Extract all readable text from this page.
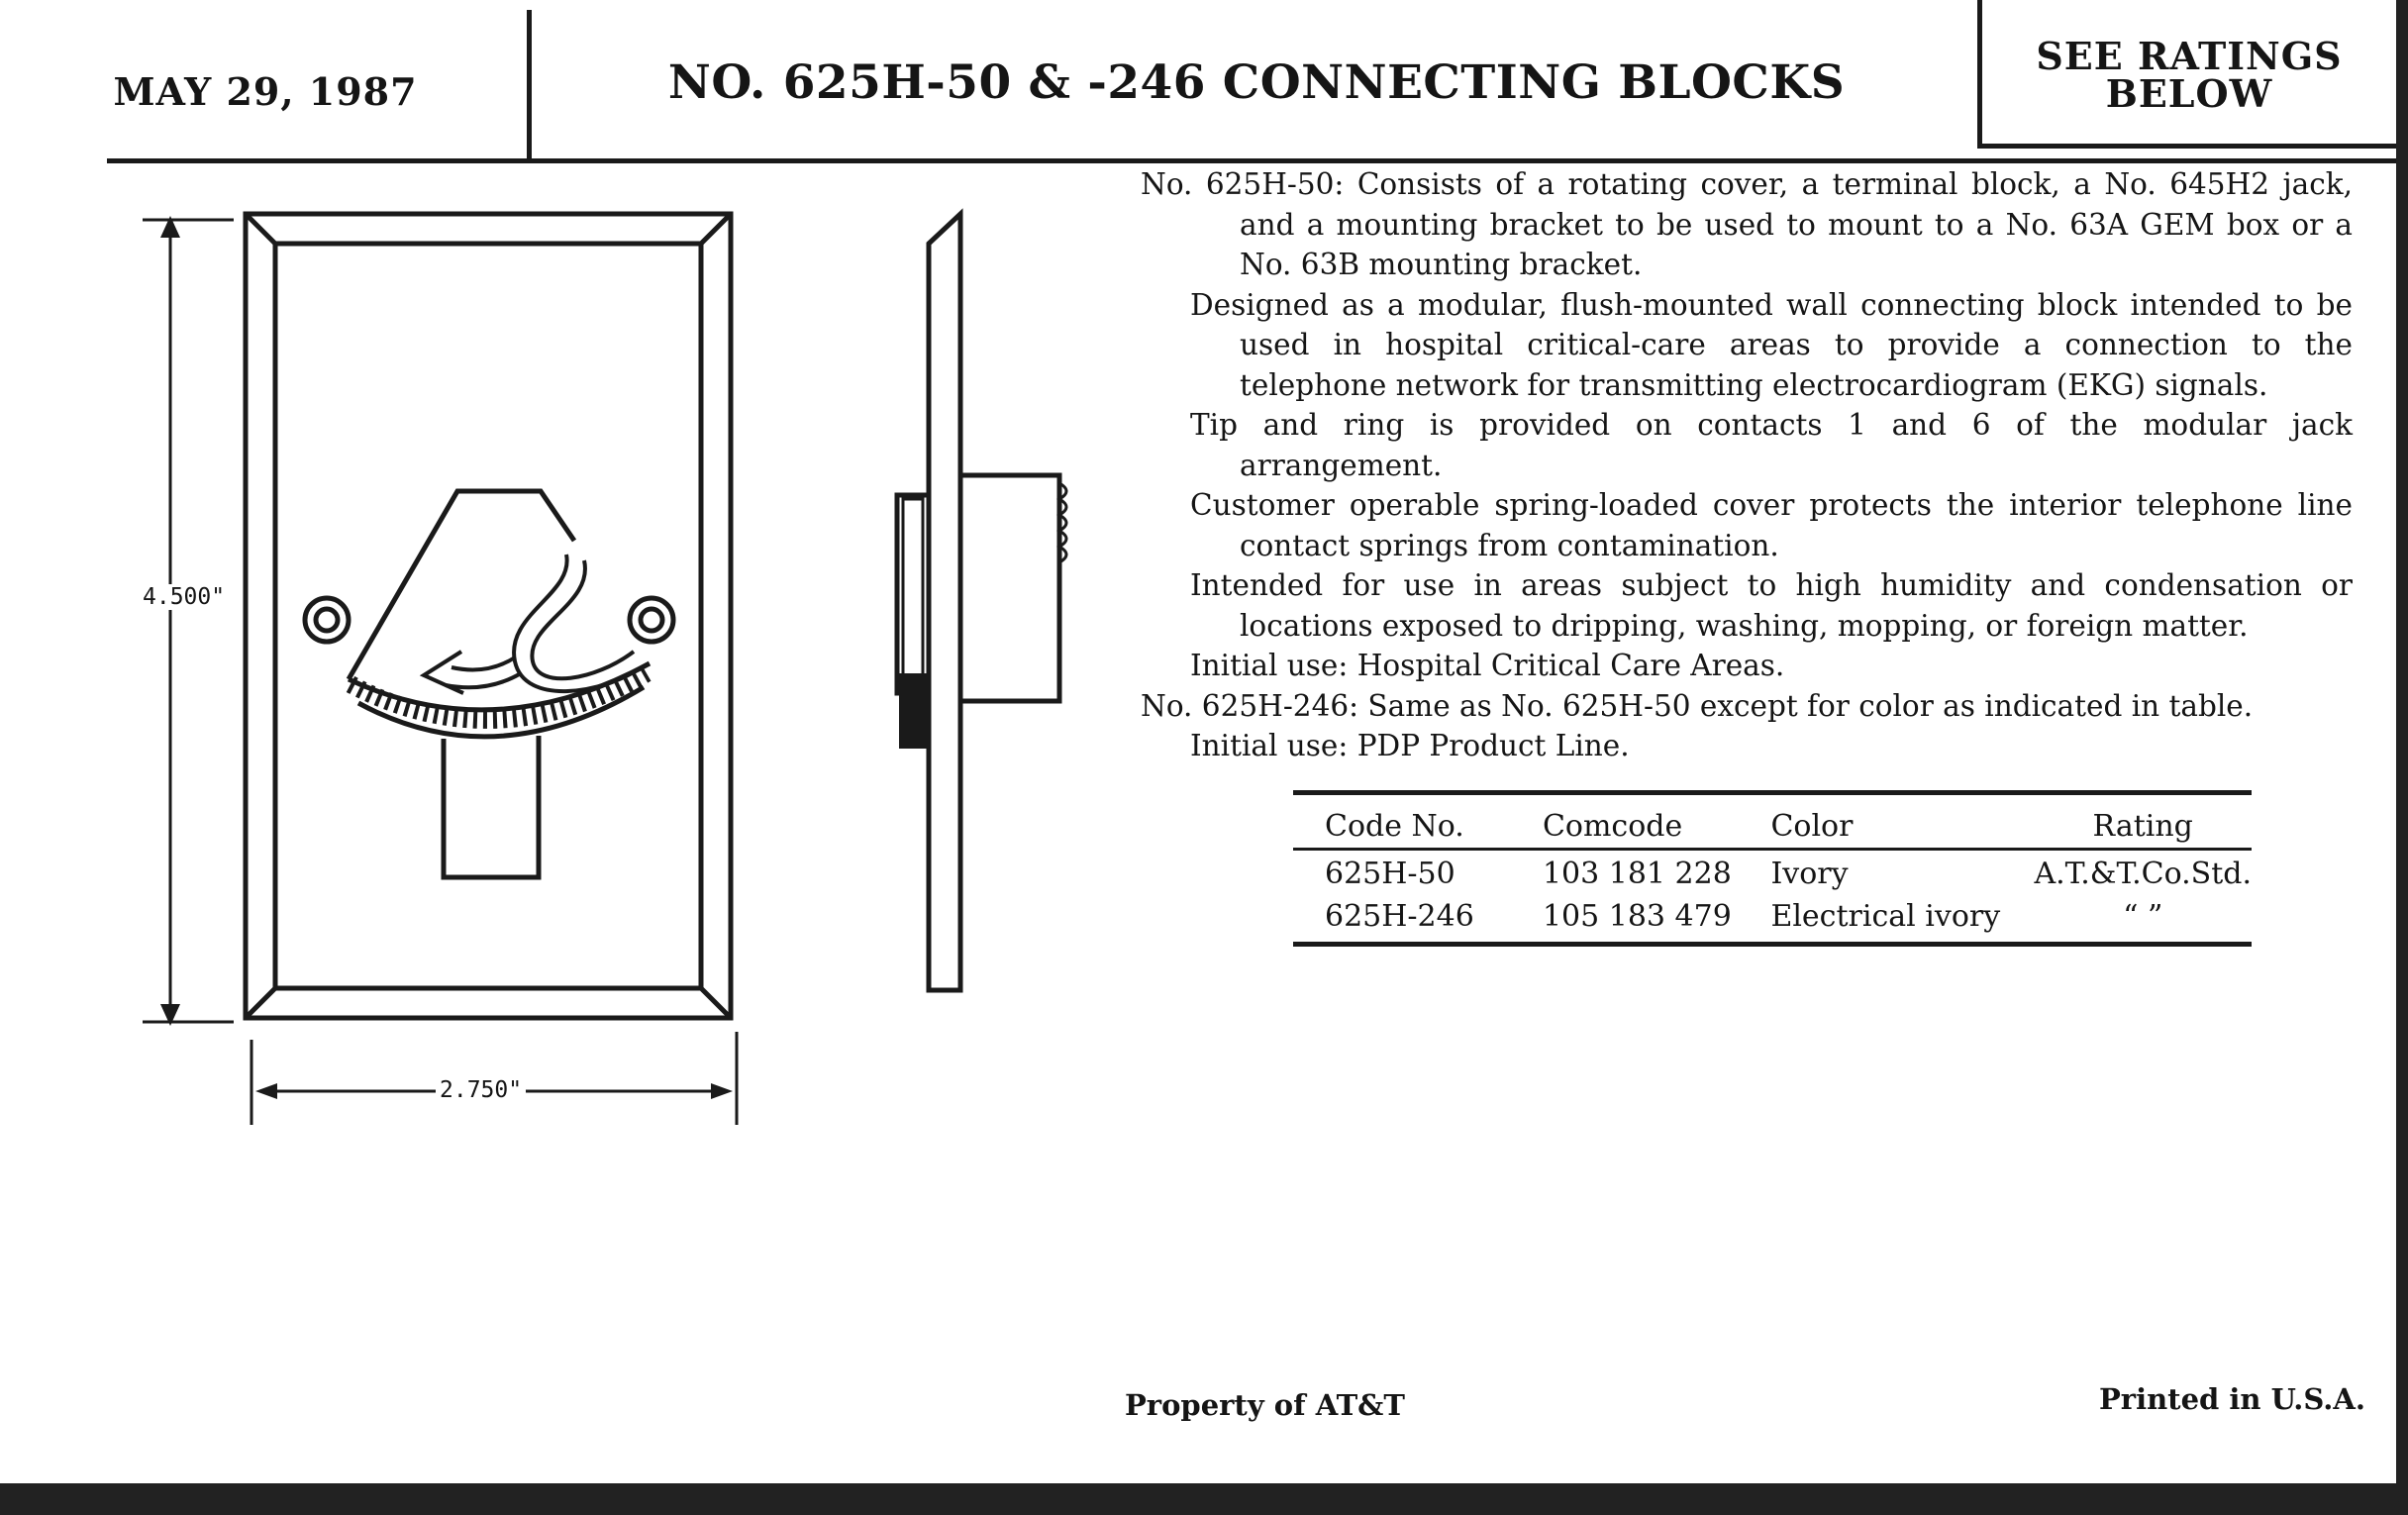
MAY 29, 1987	NO. 625H-50 & -246 CONNECTING BLOCKS	SEE RATINGS
BELOW
4.500"
2.750"

No. 625H-50: Consists of a rotating cover, a terminal block, a No. 645H2 jack, and a mounting bracket to be used to mount to a No. 63A GEM box or a No. 63B mounting bracket.

Designed as a modular, flush-mounted wall connecting block intended to be used in hospital critical-care areas to provide a connection to the telephone network for transmitting electrocardiogram (EKG) signals.

Tip and ring is provided on contacts 1 and 6 of the modular jack arrangement.

Customer operable spring-loaded cover protects the interior telephone line contact springs from contamination.

Intended for use in areas subject to high humidity and condensation or locations exposed to dripping, washing, mopping, or foreign matter.

Initial use: Hospital Critical Care Areas.

No. 625H-246: Same as No. 625H-50 except for color as indicated in table.

Initial use: PDP Product Line.

Code No.	Comcode	Color	Rating
625H-50	103 181 228	Ivory	A.T.&T.Co.Std.
625H-246	105 183 479	Electrical ivory	“ ”
Property of AT&T	Printed in U.S.A.
